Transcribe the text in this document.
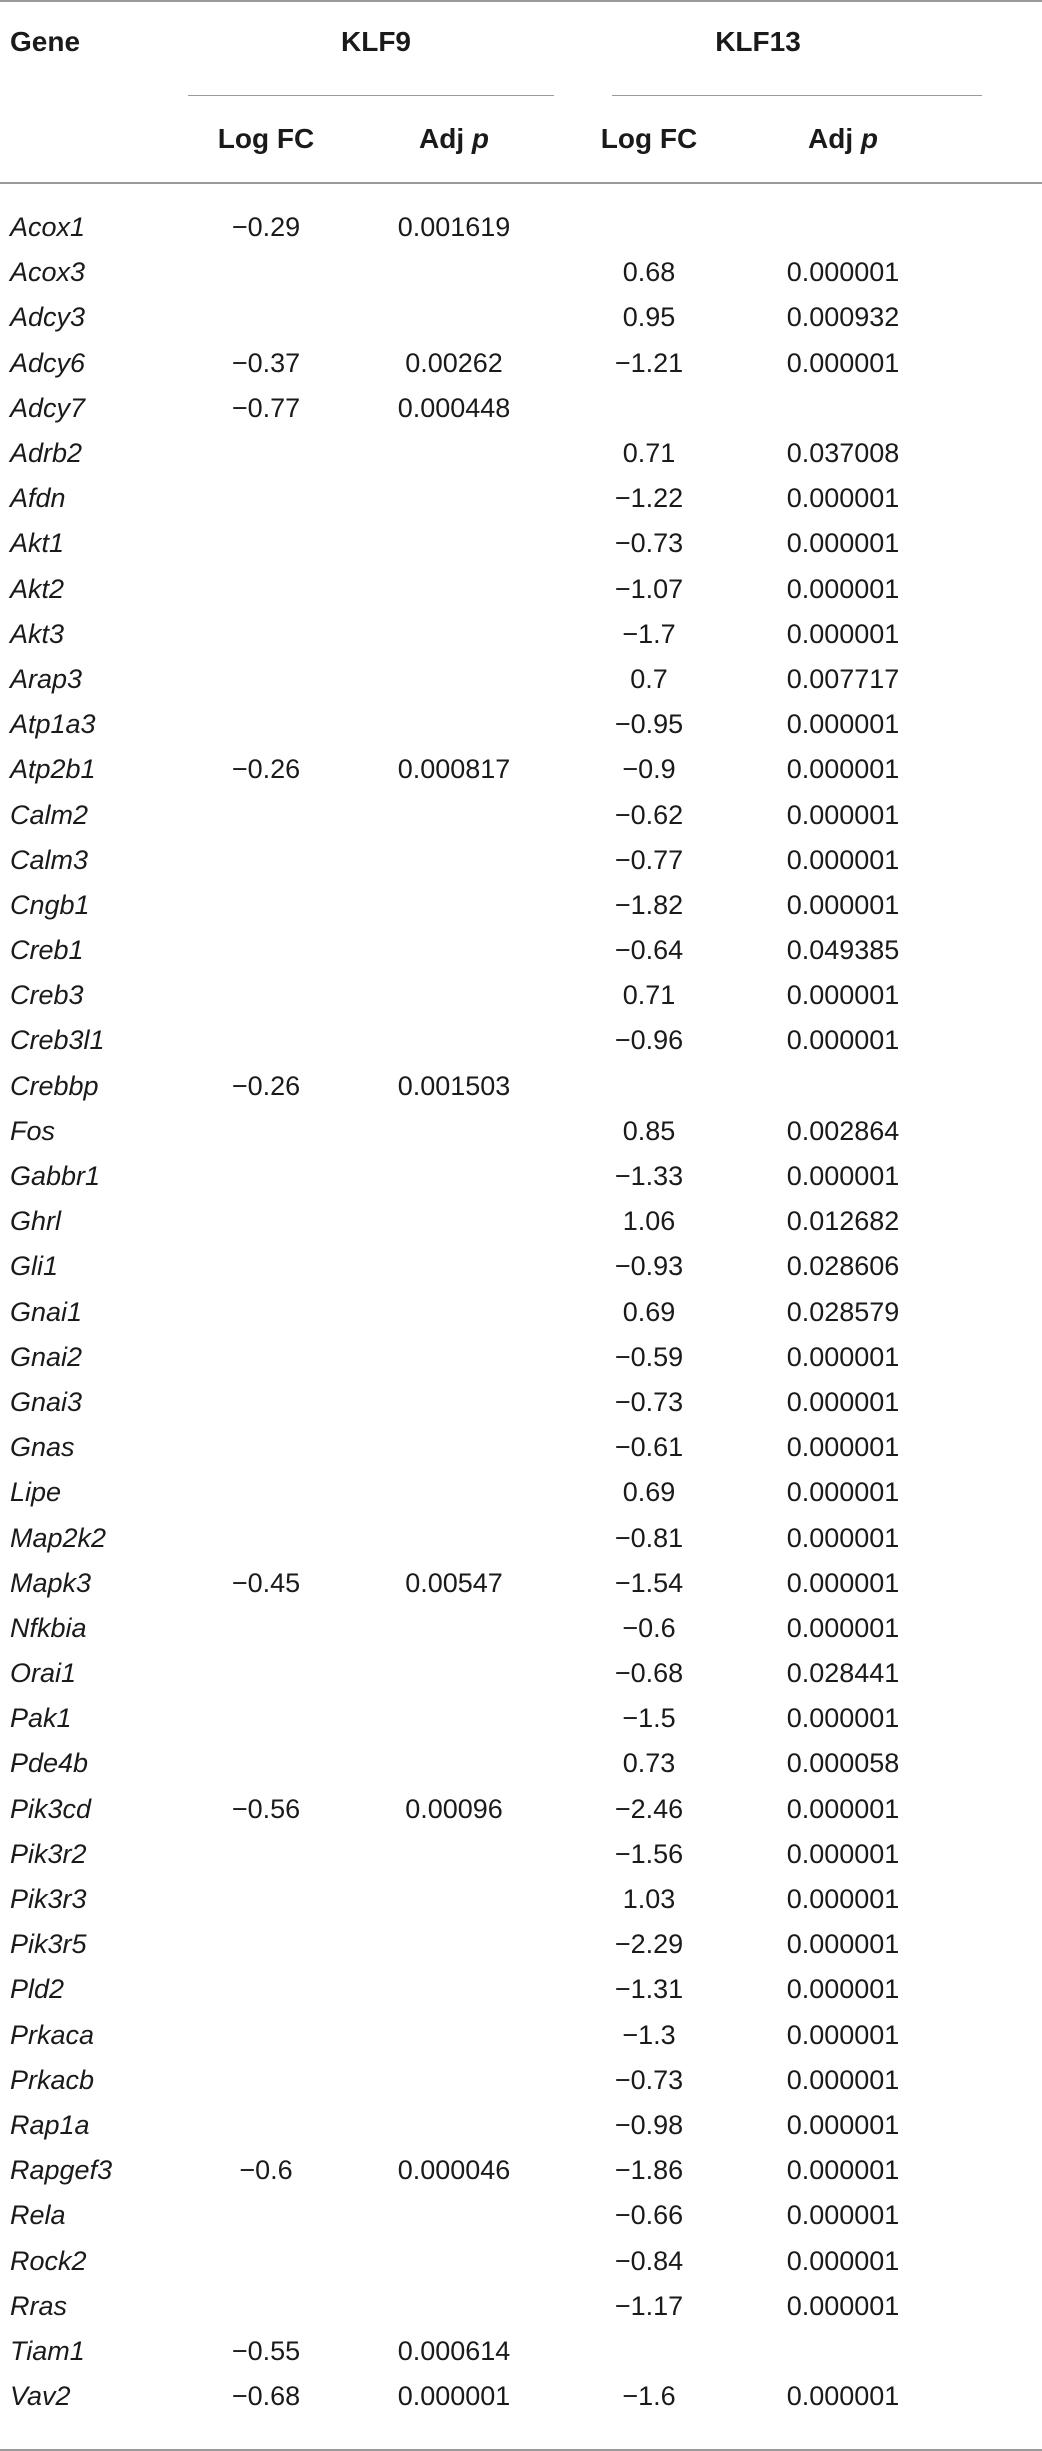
Gene	KLF9		KLF13	

	Log FC	Adj p	Log FC	Adj p

Acox1	−0.29	0.001619		
Acox3			0.68	0.000001
Adcy3			0.95	0.000932
Adcy6	−0.37	0.00262	−1.21	0.000001
Adcy7	−0.77	0.000448		
Adrb2			0.71	0.037008
Afdn			−1.22	0.000001
Akt1			−0.73	0.000001
Akt2			−1.07	0.000001
Akt3			−1.7	0.000001
Arap3			0.7	0.007717
Atp1a3			−0.95	0.000001
Atp2b1	−0.26	0.000817	−0.9	0.000001
Calm2			−0.62	0.000001
Calm3			−0.77	0.000001
Cngb1			−1.82	0.000001
Creb1			−0.64	0.049385
Creb3			0.71	0.000001
Creb3l1			−0.96	0.000001
Crebbp	−0.26	0.001503		
Fos			0.85	0.002864
Gabbr1			−1.33	0.000001
Ghrl			1.06	0.012682
Gli1			−0.93	0.028606
Gnai1			0.69	0.028579
Gnai2			−0.59	0.000001
Gnai3			−0.73	0.000001
Gnas			−0.61	0.000001
Lipe			0.69	0.000001
Map2k2			−0.81	0.000001
Mapk3	−0.45	0.00547	−1.54	0.000001
Nfkbia			−0.6	0.000001
Orai1			−0.68	0.028441
Pak1			−1.5	0.000001
Pde4b			0.73	0.000058
Pik3cd	−0.56	0.00096	−2.46	0.000001
Pik3r2			−1.56	0.000001
Pik3r3			1.03	0.000001
Pik3r5			−2.29	0.000001
Pld2			−1.31	0.000001
Prkaca			−1.3	0.000001
Prkacb			−0.73	0.000001
Rap1a			−0.98	0.000001
Rapgef3	−0.6	0.000046	−1.86	0.000001
Rela			−0.66	0.000001
Rock2			−0.84	0.000001
Rras			−1.17	0.000001
Tiam1	−0.55	0.000614		
Vav2	−0.68	0.000001	−1.6	0.000001
